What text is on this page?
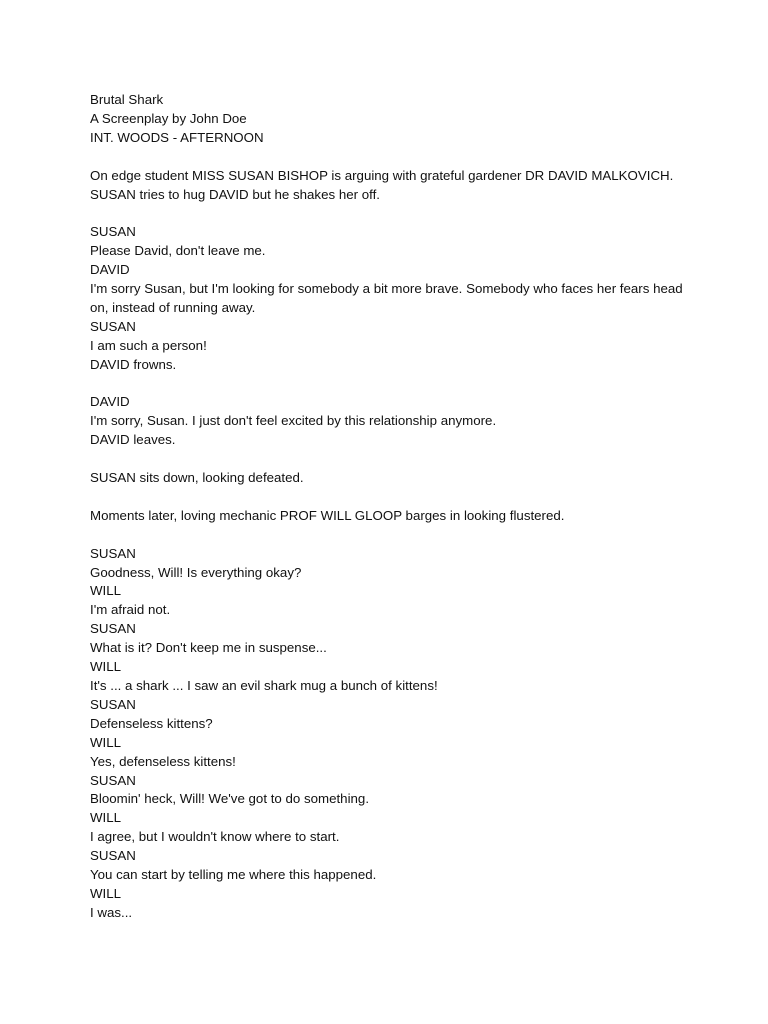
Brutal Shark
A Screenplay by John Doe
INT. WOODS - AFTERNOON
On edge student MISS SUSAN BISHOP is arguing with grateful gardener DR DAVID MALKOVICH. SUSAN tries to hug DAVID but he shakes her off.
SUSAN
Please David, don't leave me.
DAVID
I'm sorry Susan, but I'm looking for somebody a bit more brave. Somebody who faces her fears head on, instead of running away.
SUSAN
I am such a person!
DAVID frowns.
DAVID
I'm sorry, Susan. I just don't feel excited by this relationship anymore.
DAVID leaves.
SUSAN sits down, looking defeated.
Moments later, loving mechanic PROF WILL GLOOP barges in looking flustered.
SUSAN
Goodness, Will! Is everything okay?
WILL
I'm afraid not.
SUSAN
What is it? Don't keep me in suspense...
WILL
It's ... a shark ... I saw an evil shark mug a bunch of kittens!
SUSAN
Defenseless kittens?
WILL
Yes, defenseless kittens!
SUSAN
Bloomin' heck, Will! We've got to do something.
WILL
I agree, but I wouldn't know where to start.
SUSAN
You can start by telling me where this happened.
WILL
I was...
